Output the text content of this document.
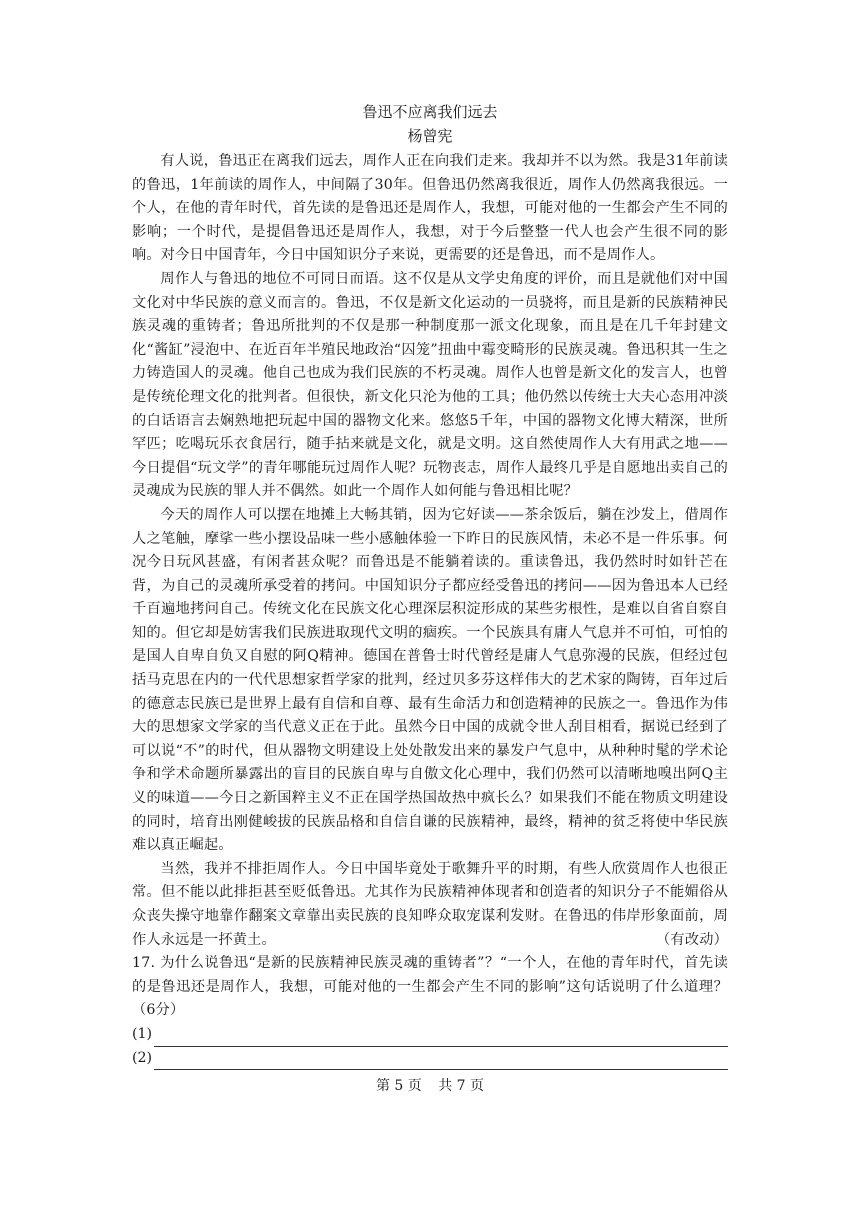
鲁迅不应离我们远去

杨曾宪

有人说，鲁迅正在离我们远去，周作人正在向我们走来。我却并不以为然。我是31年前读的鲁迅，1年前读的周作人，中间隔了30年。但鲁迅仍然离我很近，周作人仍然离我很远。一个人，在他的青年时代，首先读的是鲁迅还是周作人，我想，可能对他的一生都会产生不同的影响；一个时代，是提倡鲁迅还是周作人，我想，对于今后整整一代人也会产生很不同的影响。对今日中国青年，今日中国知识分子来说，更需要的还是鲁迅，而不是周作人。

周作人与鲁迅的地位不可同日而语。这不仅是从文学史角度的评价，而且是就他们对中国文化对中华民族的意义而言的。鲁迅，不仅是新文化运动的一员骁将，而且是新的民族精神民族灵魂的重铸者；鲁迅所批判的不仅是那一种制度那一派文化现象，而且是在几千年封建文化“酱缸”浸泡中、在近百年半殖民地政治“囚笼”扭曲中霉变畸形的民族灵魂。鲁迅积其一生之力铸造国人的灵魂。他自己也成为我们民族的不朽灵魂。周作人也曾是新文化的发言人，也曾是传统伦理文化的批判者。但很快，新文化只沦为他的工具；他仍然以传统士大夫心态用冲淡的白话语言去娴熟地把玩起中国的器物文化来。悠悠5千年，中国的器物文化博大精深，世所罕匹；吃喝玩乐衣食居行，随手拈来就是文化，就是文明。这自然使周作人大有用武之地——今日提倡“玩文学”的青年哪能玩过周作人呢？玩物丧志，周作人最终几乎是自愿地出卖自己的灵魂成为民族的罪人并不偶然。如此一个周作人如何能与鲁迅相比呢？

今天的周作人可以摆在地摊上大畅其销，因为它好读——茶余饭后，躺在沙发上，借周作人之笔触，摩挲一些小摆设品味一些小感触体验一下昨日的民族风情，未必不是一件乐事。何况今日玩风甚盛，有闲者甚众呢？而鲁迅是不能躺着读的。重读鲁迅，我仍然时时如针芒在背，为自己的灵魂所承受着的拷问。中国知识分子都应经受鲁迅的拷问——因为鲁迅本人已经千百遍地拷问自己。传统文化在民族文化心理深层积淀形成的某些劣根性，是难以自省自察自知的。但它却是妨害我们民族进取现代文明的痼疾。一个民族具有庸人气息并不可怕，可怕的是国人自卑自负又自慰的阿Q精神。德国在普鲁士时代曾经是庸人气息弥漫的民族，但经过包括马克思在内的一代代思想家哲学家的批判，经过贝多芬这样伟大的艺术家的陶铸，百年过后的德意志民族已是世界上最有自信和自尊、最有生命活力和创造精神的民族之一。鲁迅作为伟大的思想家文学家的当代意义正在于此。虽然今日中国的成就令世人刮目相看，据说已经到了可以说“不”的时代，但从器物文明建设上处处散发出来的暴发户气息中，从种种时髦的学术论争和学术命题所暴露出的盲目的民族自卑与自傲文化心理中，我们仍然可以清晰地嗅出阿Q主义的味道——今日之新国粹主义不正在国学热国故热中疯长么？如果我们不能在物质文明建设的同时，培育出刚健峻拔的民族品格和自信自谦的民族精神，最终，精神的贫乏将使中华民族难以真正崛起。

当然，我并不排拒周作人。今日中国毕竟处于歌舞升平的时期，有些人欣赏周作人也很正常。但不能以此排拒甚至贬低鲁迅。尤其作为民族精神体现者和创造者的知识分子不能媚俗从众丧失操守地靠作翻案文章靠出卖民族的良知哗众取宠谋利发财。在鲁迅的伟岸形象面前，周作人永远是一抔黄土。	（有改动）

17. 为什么说鲁迅“是新的民族精神民族灵魂的重铸者”？“一个人，在他的青年时代，首先读的是鲁迅还是周作人，我想，可能对他的一生都会产生不同的影响”这句话说明了什么道理？（6分）

(1)
(2)
第 5 页 共 7 页
